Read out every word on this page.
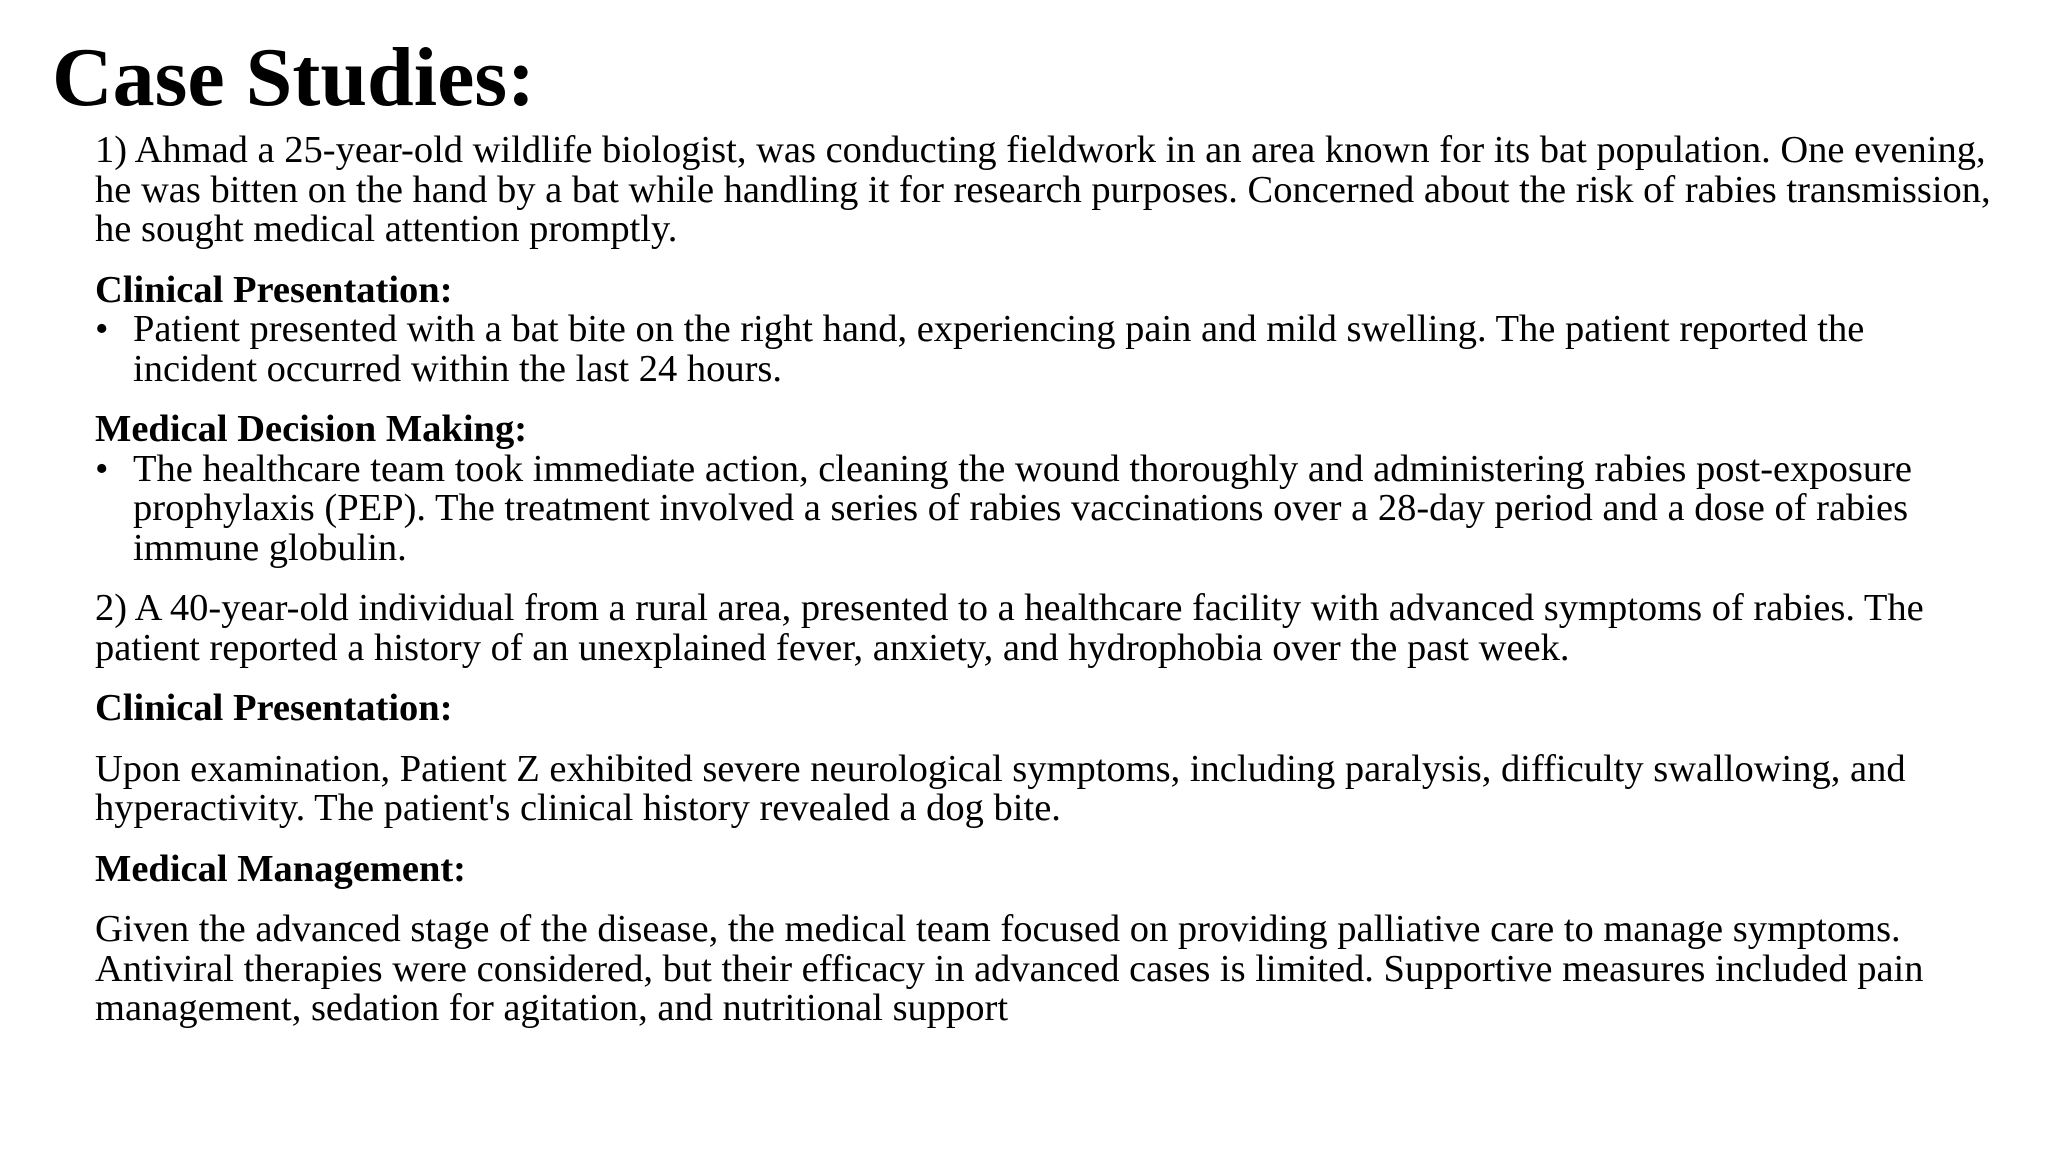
Case Studies:

1) Ahmad a 25-year-old wildlife biologist, was conducting fieldwork in an area known for its bat population. One evening, he was bitten on the hand by a bat while handling it for research purposes. Concerned about the risk of rabies transmission, he sought medical attention promptly.

Clinical Presentation:

• Patient presented with a bat bite on the right hand, experiencing pain and mild swelling. The patient reported the incident occurred within the last 24 hours.

Medical Decision Making:

• The healthcare team took immediate action, cleaning the wound thoroughly and administering rabies post-exposure prophylaxis (PEP). The treatment involved a series of rabies vaccinations over a 28-day period and a dose of rabies immune globulin.

2) A 40-year-old individual from a rural area, presented to a healthcare facility with advanced symptoms of rabies. The patient reported a history of an unexplained fever, anxiety, and hydrophobia over the past week.

Clinical Presentation:

Upon examination, Patient Z exhibited severe neurological symptoms, including paralysis, difficulty swallowing, and hyperactivity. The patient's clinical history revealed a dog bite.

Medical Management:

Given the advanced stage of the disease, the medical team focused on providing palliative care to manage symptoms. Antiviral therapies were considered, but their efficacy in advanced cases is limited. Supportive measures included pain management, sedation for agitation, and nutritional support
